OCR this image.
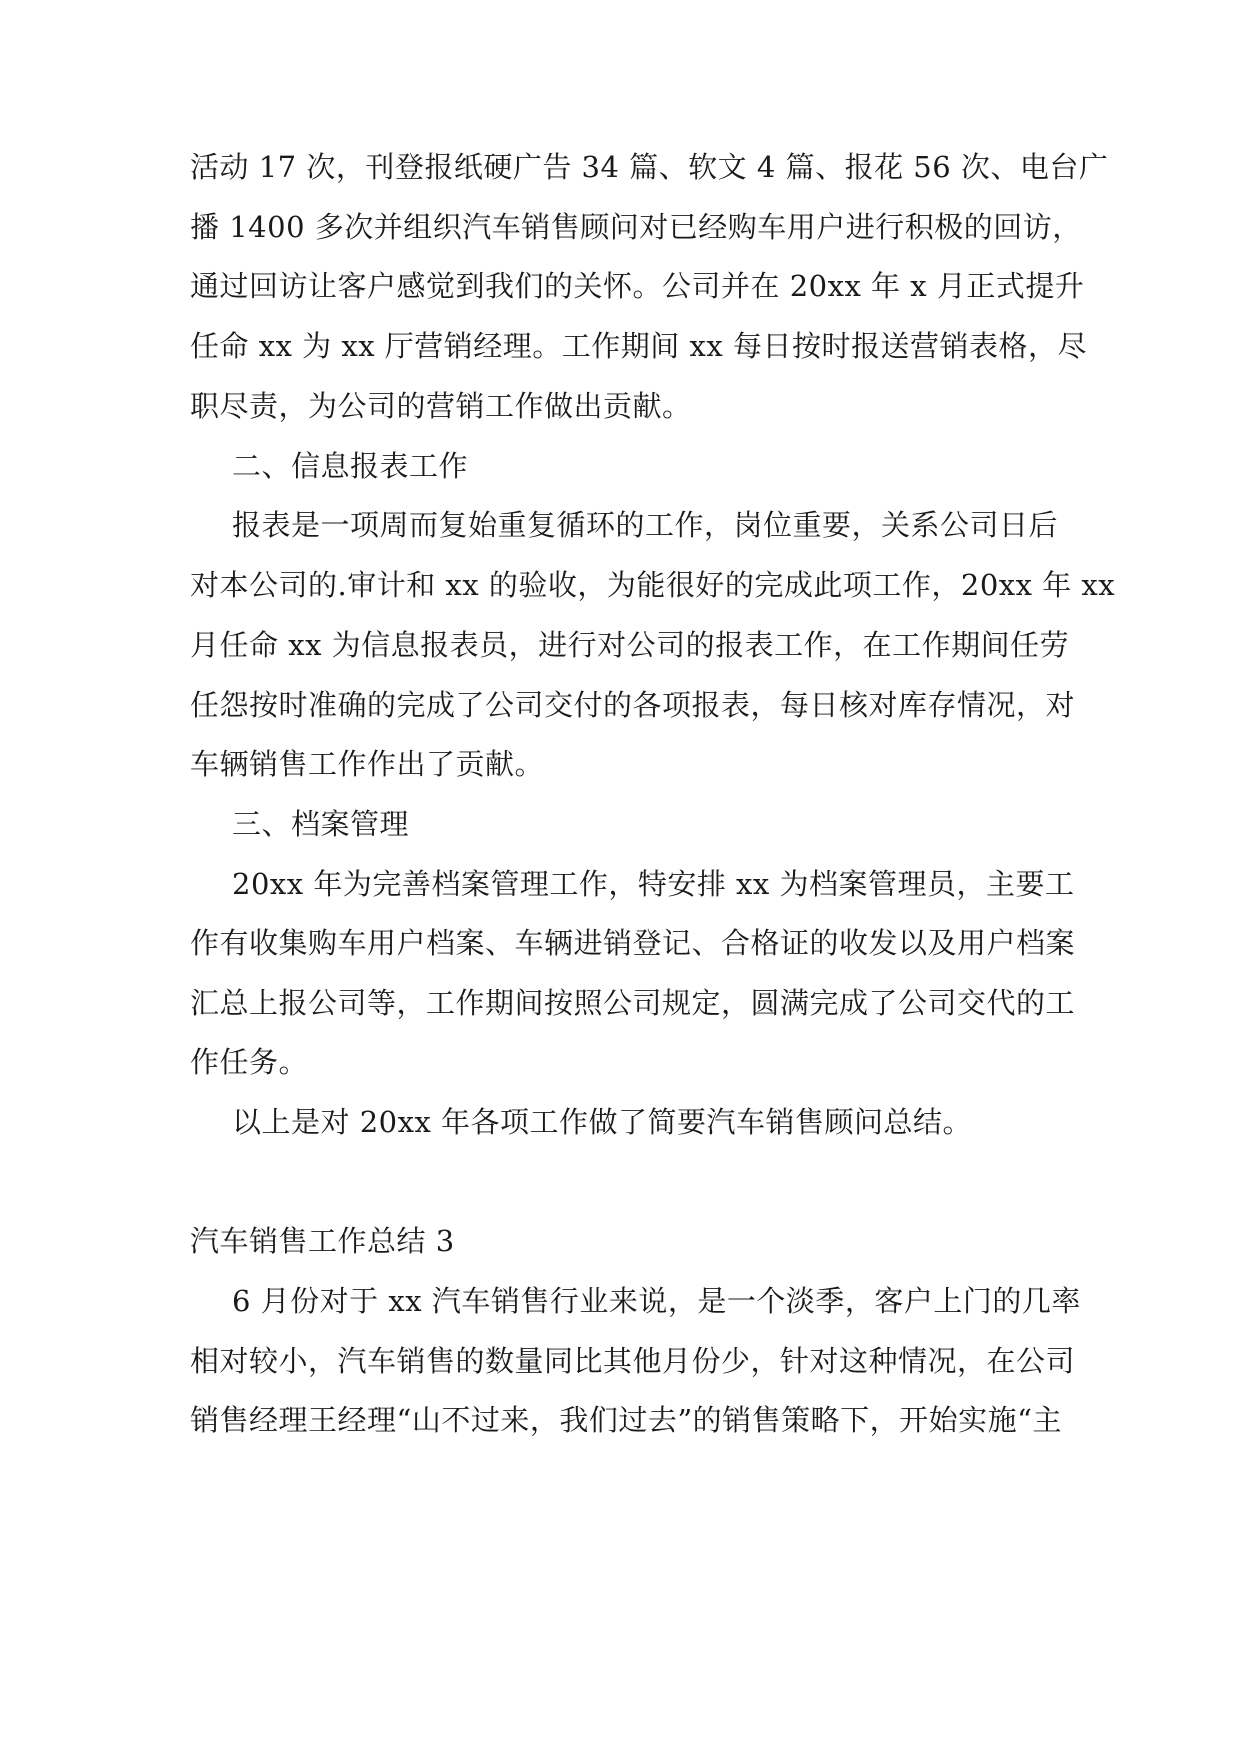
活动 17 次，刊登报纸硬广告 34 篇、软文 4 篇、报花 56 次、电台广
播 1400 多次并组织汽车销售顾问对已经购车用户进行积极的回访，
通过回访让客户感觉到我们的关怀。公司并在 20xx 年 x 月正式提升
任命 xx 为 xx 厅营销经理。工作期间 xx 每日按时报送营销表格，尽
职尽责，为公司的营销工作做出贡献。
二、信息报表工作
报表是一项周而复始重复循环的工作，岗位重要，关系公司日后
对本公司的.审计和 xx 的验收，为能很好的完成此项工作，20xx 年 xx
月任命 xx 为信息报表员，进行对公司的报表工作，在工作期间任劳
任怨按时准确的完成了公司交付的各项报表，每日核对库存情况，对
车辆销售工作作出了贡献。
三、档案管理
20xx 年为完善档案管理工作，特安排 xx 为档案管理员，主要工
作有收集购车用户档案、车辆进销登记、合格证的收发以及用户档案
汇总上报公司等，工作期间按照公司规定，圆满完成了公司交代的工
作任务。
以上是对 20xx 年各项工作做了简要汽车销售顾问总结。
汽车销售工作总结 3
6 月份对于 xx 汽车销售行业来说，是一个淡季，客户上门的几率
相对较小，汽车销售的数量同比其他月份少，针对这种情况，在公司
销售经理王经理“山不过来，我们过去”的销售策略下，开始实施“主
